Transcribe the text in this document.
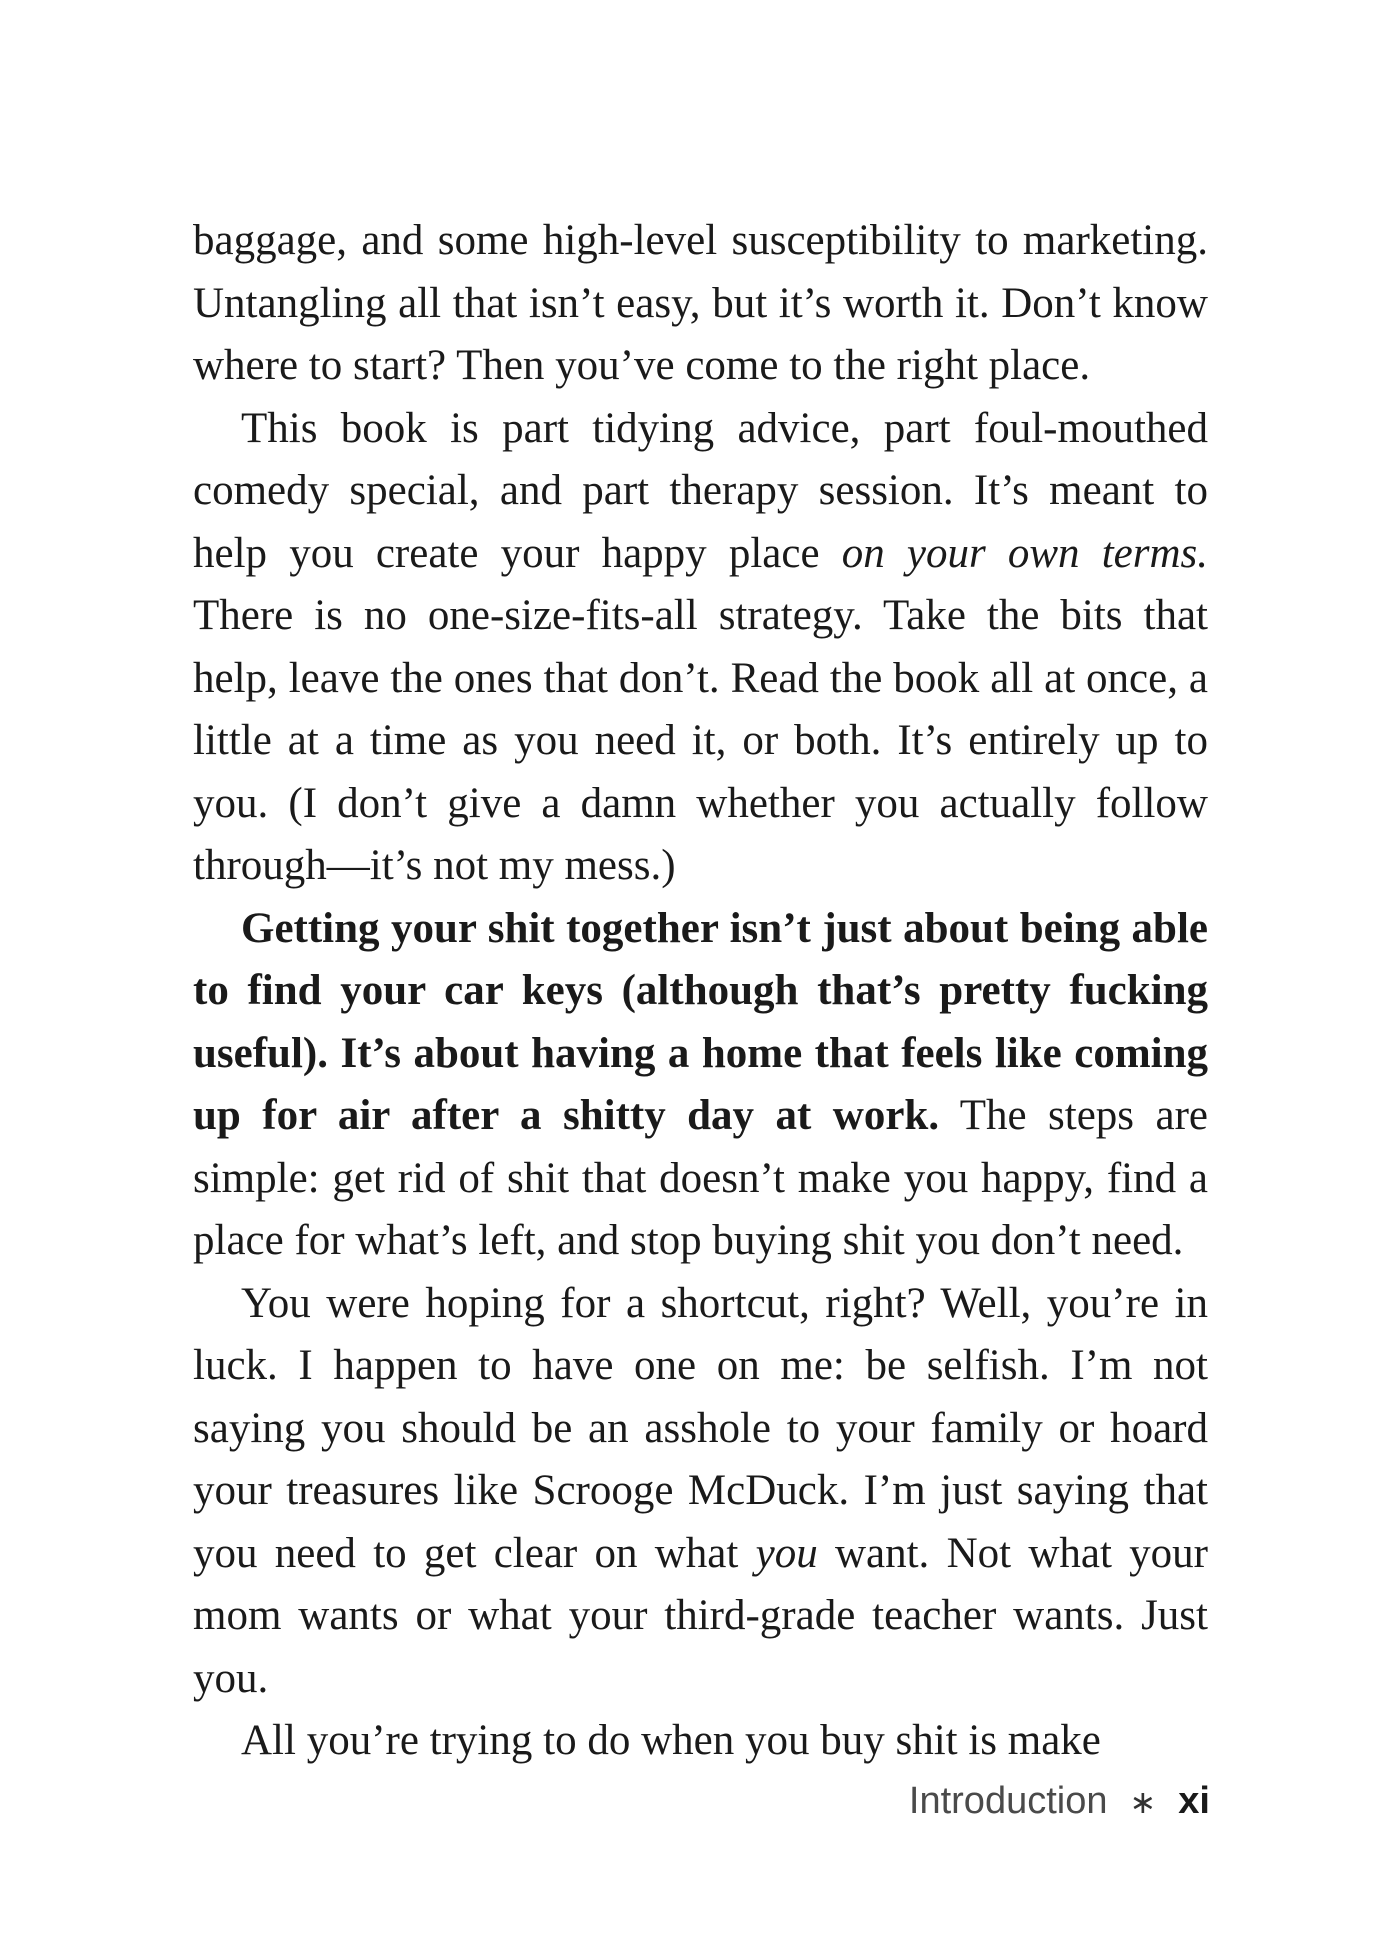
baggage, and some high-level susceptibility to marketing. Untangling all that isn’t easy, but it’s worth it. Don’t know where to start? Then you’ve come to the right place.

This book is part tidying advice, part foul-mouthed comedy special, and part therapy session. It’s meant to help you create your happy place on your own terms. There is no one-size-fits-all strategy. Take the bits that help, leave the ones that don’t. Read the book all at once, a little at a time as you need it, or both. It’s entirely up to you. (I don’t give a damn whether you actually follow through—it’s not my mess.)

Getting your shit together isn’t just about being able to find your car keys (although that’s pretty fucking useful). It’s about having a home that feels like coming up for air after a shitty day at work. The steps are simple: get rid of shit that doesn’t make you happy, find a place for what’s left, and stop buying shit you don’t need.

You were hoping for a shortcut, right? Well, you’re in luck. I happen to have one on me: be selfish. I’m not saying you should be an asshole to your family or hoard your treasures like Scrooge McDuck. I’m just saying that you need to get clear on what you want. Not what your mom wants or what your third-grade teacher wants. Just you.

All you’re trying to do when you buy shit is make

Introduction ∗ xi
